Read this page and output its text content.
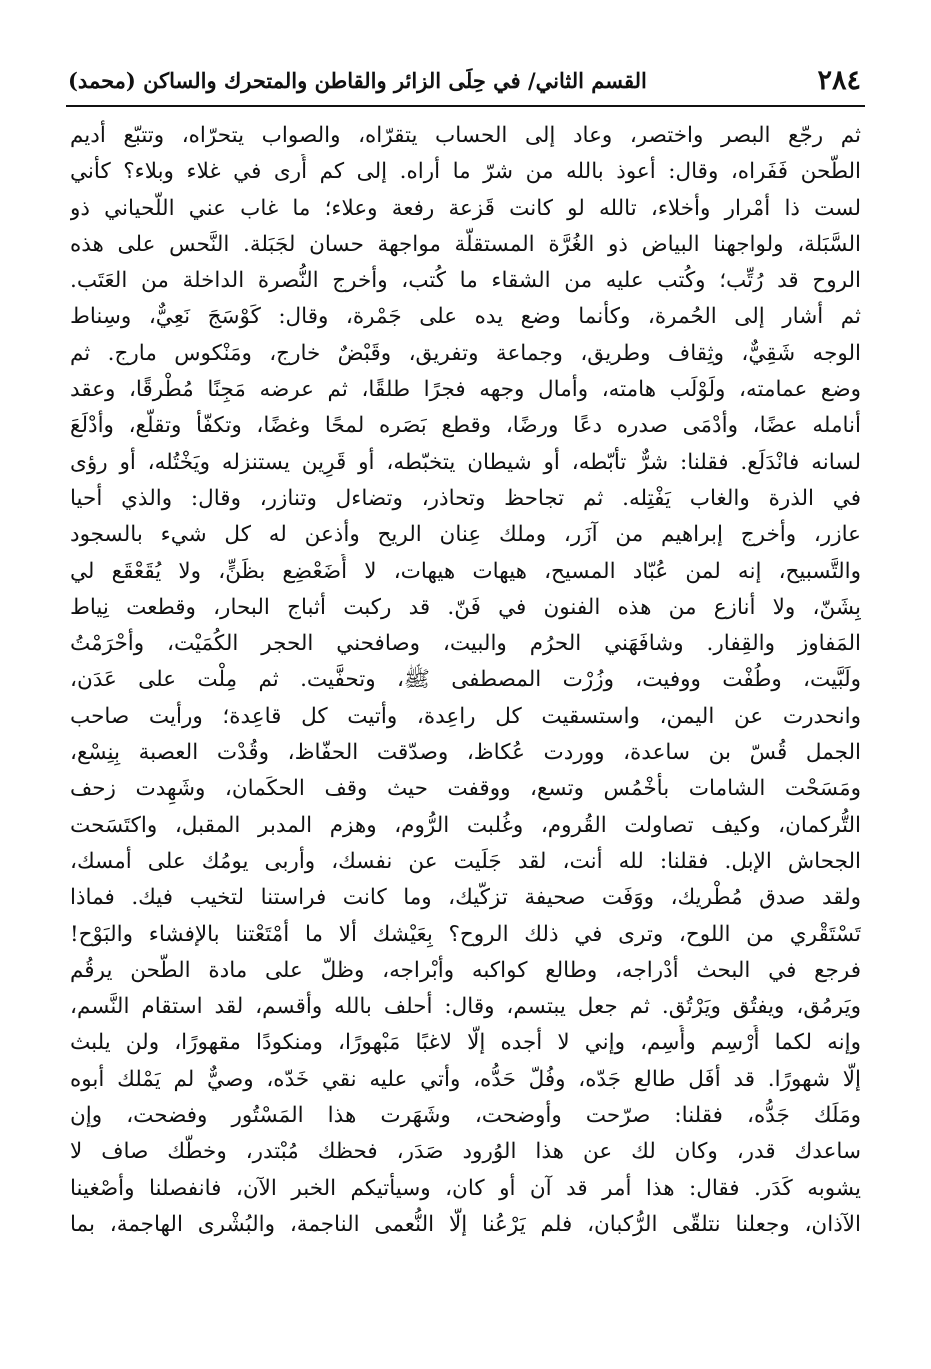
٢٨٤
القسم الثاني/ في حِلَى الزائر والقاطن والمتحرك والساكن (محمد)
ثم رجّع البصر واختصر، وعاد إلى الحساب يتقرّاه، والصواب يتحرّاه، وتتبّع أديم
الطّحن فَفَراه، وقال: أعوذ بالله من شرّ ما أراه. إلى كم أُرى في غلاء وبلاء؟ كأني
لست ذا أمْرار وأخلاء، تالله لو كانت قَزعة رفعة وعلاء؛ ما غاب عني اللّحياني ذو
السَّبَلة، ولواجهنا البياض ذو الغُرَّة المستقلّة مواجهة حسان لجَبَلة. النَّحس على هذه
الروح قد رُتِّب؛ وكُتب عليه من الشقاء ما كُتب، وأخرج النُّصرة الداخلة من العَتَب.
ثم أشار إلى الحُمرة، وكأنما وضع يده على جَمْرة، وقال: كَوْسَجَ نَعِيٌّ، وسِناط
الوجه شَقِيٌّ، وثِقاف وطريق، وجماعة وتفريق، وقَبْضٌ خارج، ومَنْكوس مارج. ثم
وضع عمامته، ولَوْلَب هامته، وأمال وجهه فجرًا طلقًا، ثم عرضه مَجِنًا مُطْرقًا، وعقد
أنامله عضًا، وأدْمَى صدره دعًا ورضًا، وقطع بَصَره لمحًا وغضًا، وتكفّأ وتقلّع، وأدْلَعَ
لسانه فانْدَلَع. فقلنا: شرٌّ تأبّطه، أو شيطان يتخبّطه، أو قَرِين يستنزله ويَخْتُله، أو رؤى
في الذرة والغاب يَفْتِله. ثم تجاحظ وتحاذر، وتضاءل وتنازر، وقال: والذي أحيا
عازر، وأخرج إبراهيم من آزَر، وملك عِنان الريح وأذعن له كل شيء بالسجود
والتَّسبيح، إنه لمن عُبّاد المسيح، هيهات هيهات، لا أُضَعْضِع بظَنٍّ، ولا يُقَعْقَع لي
بِشَنّ، ولا أنازع من هذه الفنون في فَنّ. قد ركبت أثباج البحار، وقطعت نِياط
المَفاوز والقِفار. وشافَهَني الحرُم والبيت، وصافحني الحجر الكُمَيْت، وأحْرَمْتُ
ولَبَّيت، وطُفْت ووفيت، وزُرْت المصطفى ﷺ، وتحفَّيت. ثم مِلْت على عَدَن،
وانحدرت عن اليمن، واستسقيت كل راعِدة، وأتيت كل قاعِدة؛ ورأيت صاحب
الجمل قُسّ بن ساعدة، ووردت عُكاظ، وصدّقت الحفّاظ، وقُدْت العصبة بِنِسْع،
ومَسَحْت الشامات بأخْمُس وتسع، ووقفت حيث وقف الحكَمان، وشَهِدت زحف
التُّركمان، وكيف تصاولت القُروم، وغُلبت الرُّوم، وهزم المدبر المقبل، واكتَسَحت
الجحاش الإبل. فقلنا: لله أنت، لقد جَلَيت عن نفسك، وأربى يومُك على أمسك،
ولقد صدق مُطْريك، ووَفَت صحيفة تزكّيك، وما كانت فراستنا لتخيب فيك. فماذا
تَسْتَقْري من اللوح، وترى في ذلك الروح؟ بِعَيْشك ألا ما أمْتَعْتنا بالإفشاء والبَوْح!
فرجع في البحث أدْراجه، وطالع كواكبه وأبْراجه، وظلّ على مادة الطّحن يرقُم
ويَرمُق، ويفتُق ويَرْتُق. ثم جعل يبتسم، وقال: أحلف بالله وأقسم، لقد استقام النَّسم،
وإنه لكما أُرْسِم وأُسِم، وإني لا أجده إلّا لاغبًا مَبْهورًا، ومنكودًا مقهورًا، ولن يلبث
إلّا شهورًا. قد أفَل طالع جَدّه، وفُلّ حَدُّه، وأتي عليه نقي خَدّه، وصيٌّ لم يَمْلك أبوه
ومَلَك جَدُّه، فقلنا: صرّحت وأوضحت، وشَهَرت هذا المَسْتُور وفضحت، وإن
ساعدك قدر، وكان لك عن هذا الوُرود صَدَر، فحظك مُبْتدر، وخطّك صاف لا
يشوبه كَدَر. فقال: هذا أمر قد آن أو كان، وسيأتيكم الخبر الآن، فانفصلنا وأصْغينا
الآذان، وجعلنا نتلقّى الرُّكبان، فلم يَرْعُنا إلّا النُّعمى الناجمة، والبُشْرى الهاجمة، بما
